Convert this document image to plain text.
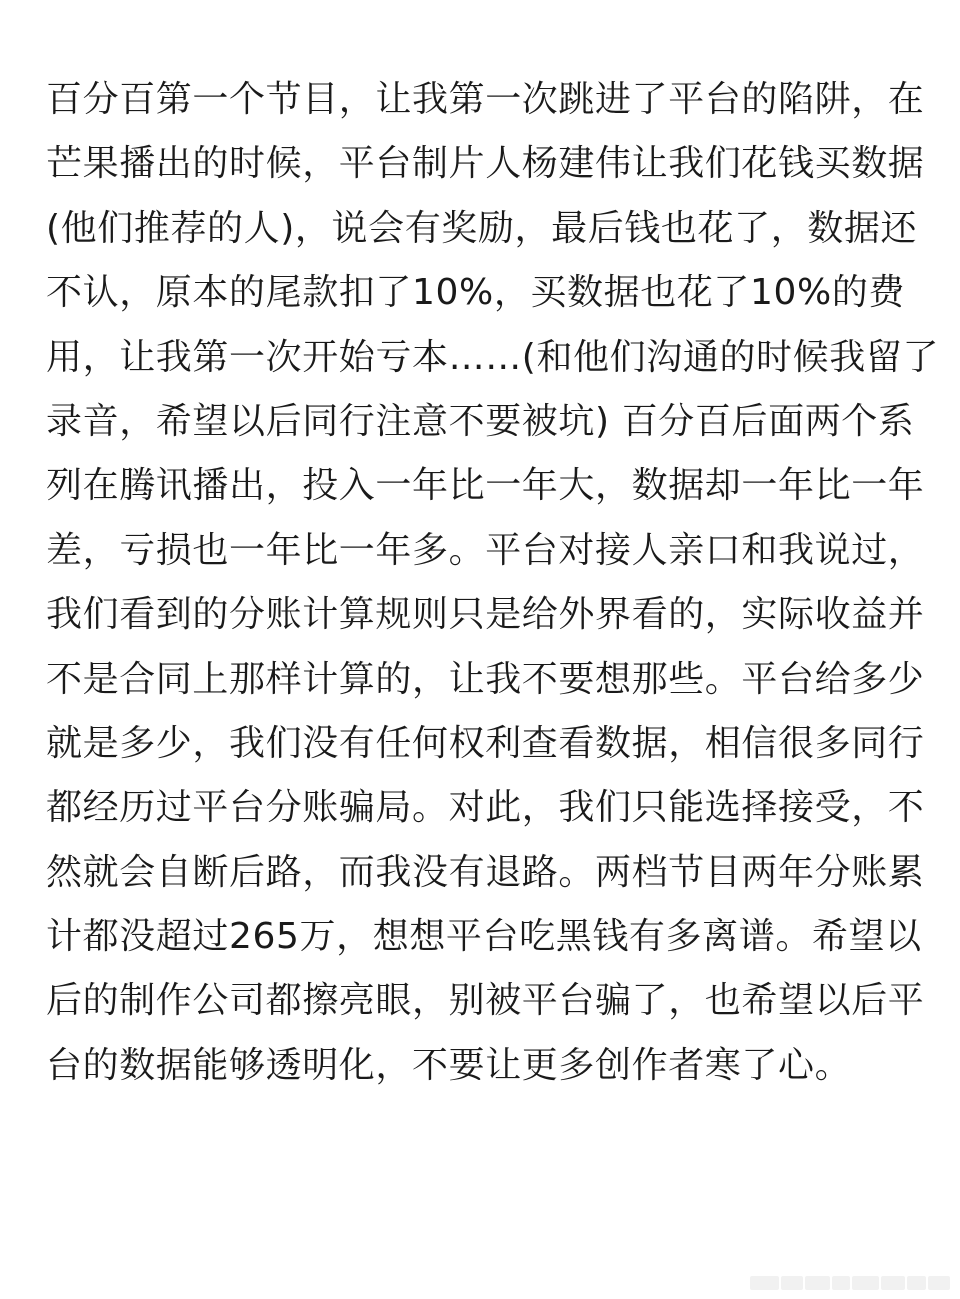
百分百第一个节目，让我第一次跳进了平台的陷阱，在
芒果播出的时候，平台制片人杨建伟让我们花钱买数据
(他们推荐的人)，说会有奖励，最后钱也花了，数据还
不认，原本的尾款扣了10%，买数据也花了10%的费
用，让我第一次开始亏本……(和他们沟通的时候我留了
录音，希望以后同行注意不要被坑) 百分百后面两个系
列在腾讯播出，投入一年比一年大，数据却一年比一年
差，亏损也一年比一年多。平台对接人亲口和我说过，
我们看到的分账计算规则只是给外界看的，实际收益并
不是合同上那样计算的，让我不要想那些。平台给多少
就是多少，我们没有任何权利查看数据，相信很多同行
都经历过平台分账骗局。对此，我们只能选择接受，不
然就会自断后路，而我没有退路。两档节目两年分账累
计都没超过265万，想想平台吃黑钱有多离谱。希望以
后的制作公司都擦亮眼，别被平台骗了，也希望以后平
台的数据能够透明化，不要让更多创作者寒了心。
